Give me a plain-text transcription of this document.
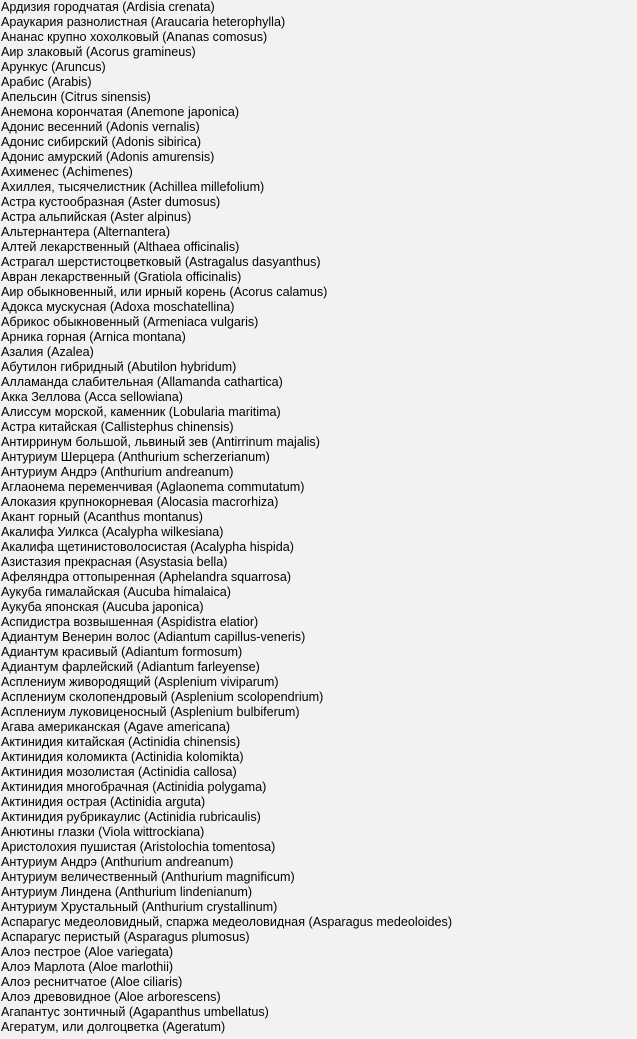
Ардизия городчатая (Ardisia crenata)
Араукария разнолистная (Araucaria heterophylla)
Ананас крупно хохолковый (Ananas comosus)
Аир злаковый (Acorus gramineus)
Арункус (Aruncus)
Арабис (Arabis)
Апельсин (Citrus sinensis)
Анемона корончатая (Anemone japonica)
Адонис весенний (Adonis vernalis)
Адонис сибирский (Adonis sibirica)
Адонис амурский (Adonis amurensis)
Ахименес (Achimenes)
Ахиллея, тысячелистник (Achillea millefolium)
Астра кустообразная (Aster dumosus)
Астра альпийская (Aster alpinus)
Альтернантера (Alternantera)
Алтей лекарственный (Althaea officinalis)
Астрагал шерстистоцветковый (Astragalus dasyanthus)
Авран лекарственный (Gratiola officinalis)
Аир обыкновенный, или ирный корень (Acorus calamus)
Адокса мускусная (Adoxa moschatellina)
Абрикос обыкновенный (Armeniaca vulgaris)
Арника горная (Arnica montana)
Азалия (Azalea)
Абутилон гибридный (Abutilon hybridum)
Алламанда слабительная (Allamanda cathartica)
Акка Зеллова (Acca sellowiana)
Алиссум морской, каменник (Lobularia maritima)
Астра китайская (Callistephus chinensis)
Антирринум большой, львиный зев (Antirrinum majalis)
Антуриум Шерцера (Anthurium scherzerianum)
Антуриум Андрэ (Anthurium andreanum)
Аглаонема переменчивая (Aglaonema commutatum)
Алоказия крупнокорневая (Alocasia macrorhiza)
Акант горный (Acanthus montanus)
Акалифа Уилкса (Acalypha wilkesiana)
Акалифа щетинистоволосистая (Acalypha hispida)
Азистазия прекрасная (Asystasia bella)
Афеляндра оттопыренная (Aphelandra squarrosa)
Аукуба гималайская (Aucuba himalaica)
Аукуба японская (Aucuba japonica)
Аспидистра возвышенная (Aspidistra elatior)
Адиантум Венерин волос (Adiantum capillus-veneris)
Адиантум красивый (Adiantum formosum)
Адиантум фарлейский (Adiantum farleyense)
Асплениум живородящий (Asplenium viviparum)
Асплениум сколопендровый (Asplenium scolopendrium)
Асплениум луковиценосный (Asplenium bulbiferum)
Агава американская (Agave americana)
Актинидия китайская (Actinidia chinensis)
Актинидия коломикта (Actinidia kolomikta)
Актинидия мозолистая (Actinidia callosa)
Актинидия многобрачная (Actinidia polygama)
Актинидия острая (Actinidia arguta)
Актинидия рубрикаулис (Actinidia rubricaulis)
Анютины глазки (Viola wittrockiana)
Аристолохия пушистая (Aristolochia tomentosa)
Антуриум Андрэ (Anthurium andreanum)
Антуриум величественный (Anthurium magnificum)
Антуриум Линдена (Anthurium lindenianum)
Антуриум Хрустальный (Anthurium crystallinum)
Аспарагус медеоловидный, спаржа медеоловидная (Asparagus medeoloides)
Аспарагус перистый (Asparagus plumosus)
Алоэ пестрое (Aloe variegata)
Алоэ Марлота (Aloe marlothii)
Алоэ реснитчатое (Aloe ciliaris)
Алоэ древовидное (Aloe arborescens)
Агапантус зонтичный (Agapanthus umbellatus)
Агератум, или долгоцветка (Ageratum)
